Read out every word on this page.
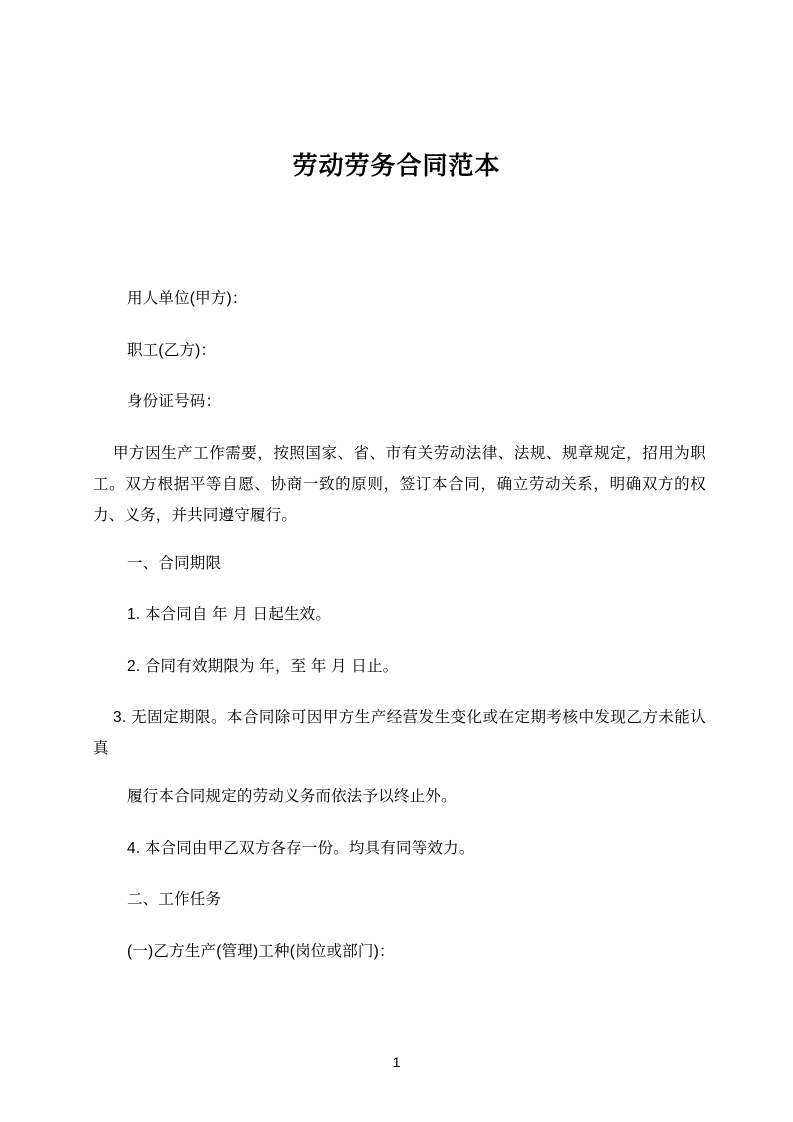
劳动劳务合同范本

用人单位(甲方)：

职工(乙方)：

身份证号码：

甲方因生产工作需要，按照国家、省、市有关劳动法律、法规、规章规定，招用为职工。双方根据平等自愿、协商一致的原则，签订本合同，确立劳动关系，明确双方的权力、义务，并共同遵守履行。

一、合同期限

1. 本合同自 年 月 日起生效。

2. 合同有效期限为 年，至 年 月 日止。

3. 无固定期限。本合同除可因甲方生产经营发生变化或在定期考核中发现乙方未能认真

履行本合同规定的劳动义务而依法予以终止外。

4. 本合同由甲乙双方各存一份。均具有同等效力。

二、工作任务

(一)乙方生产(管理)工种(岗位或部门)：

1
